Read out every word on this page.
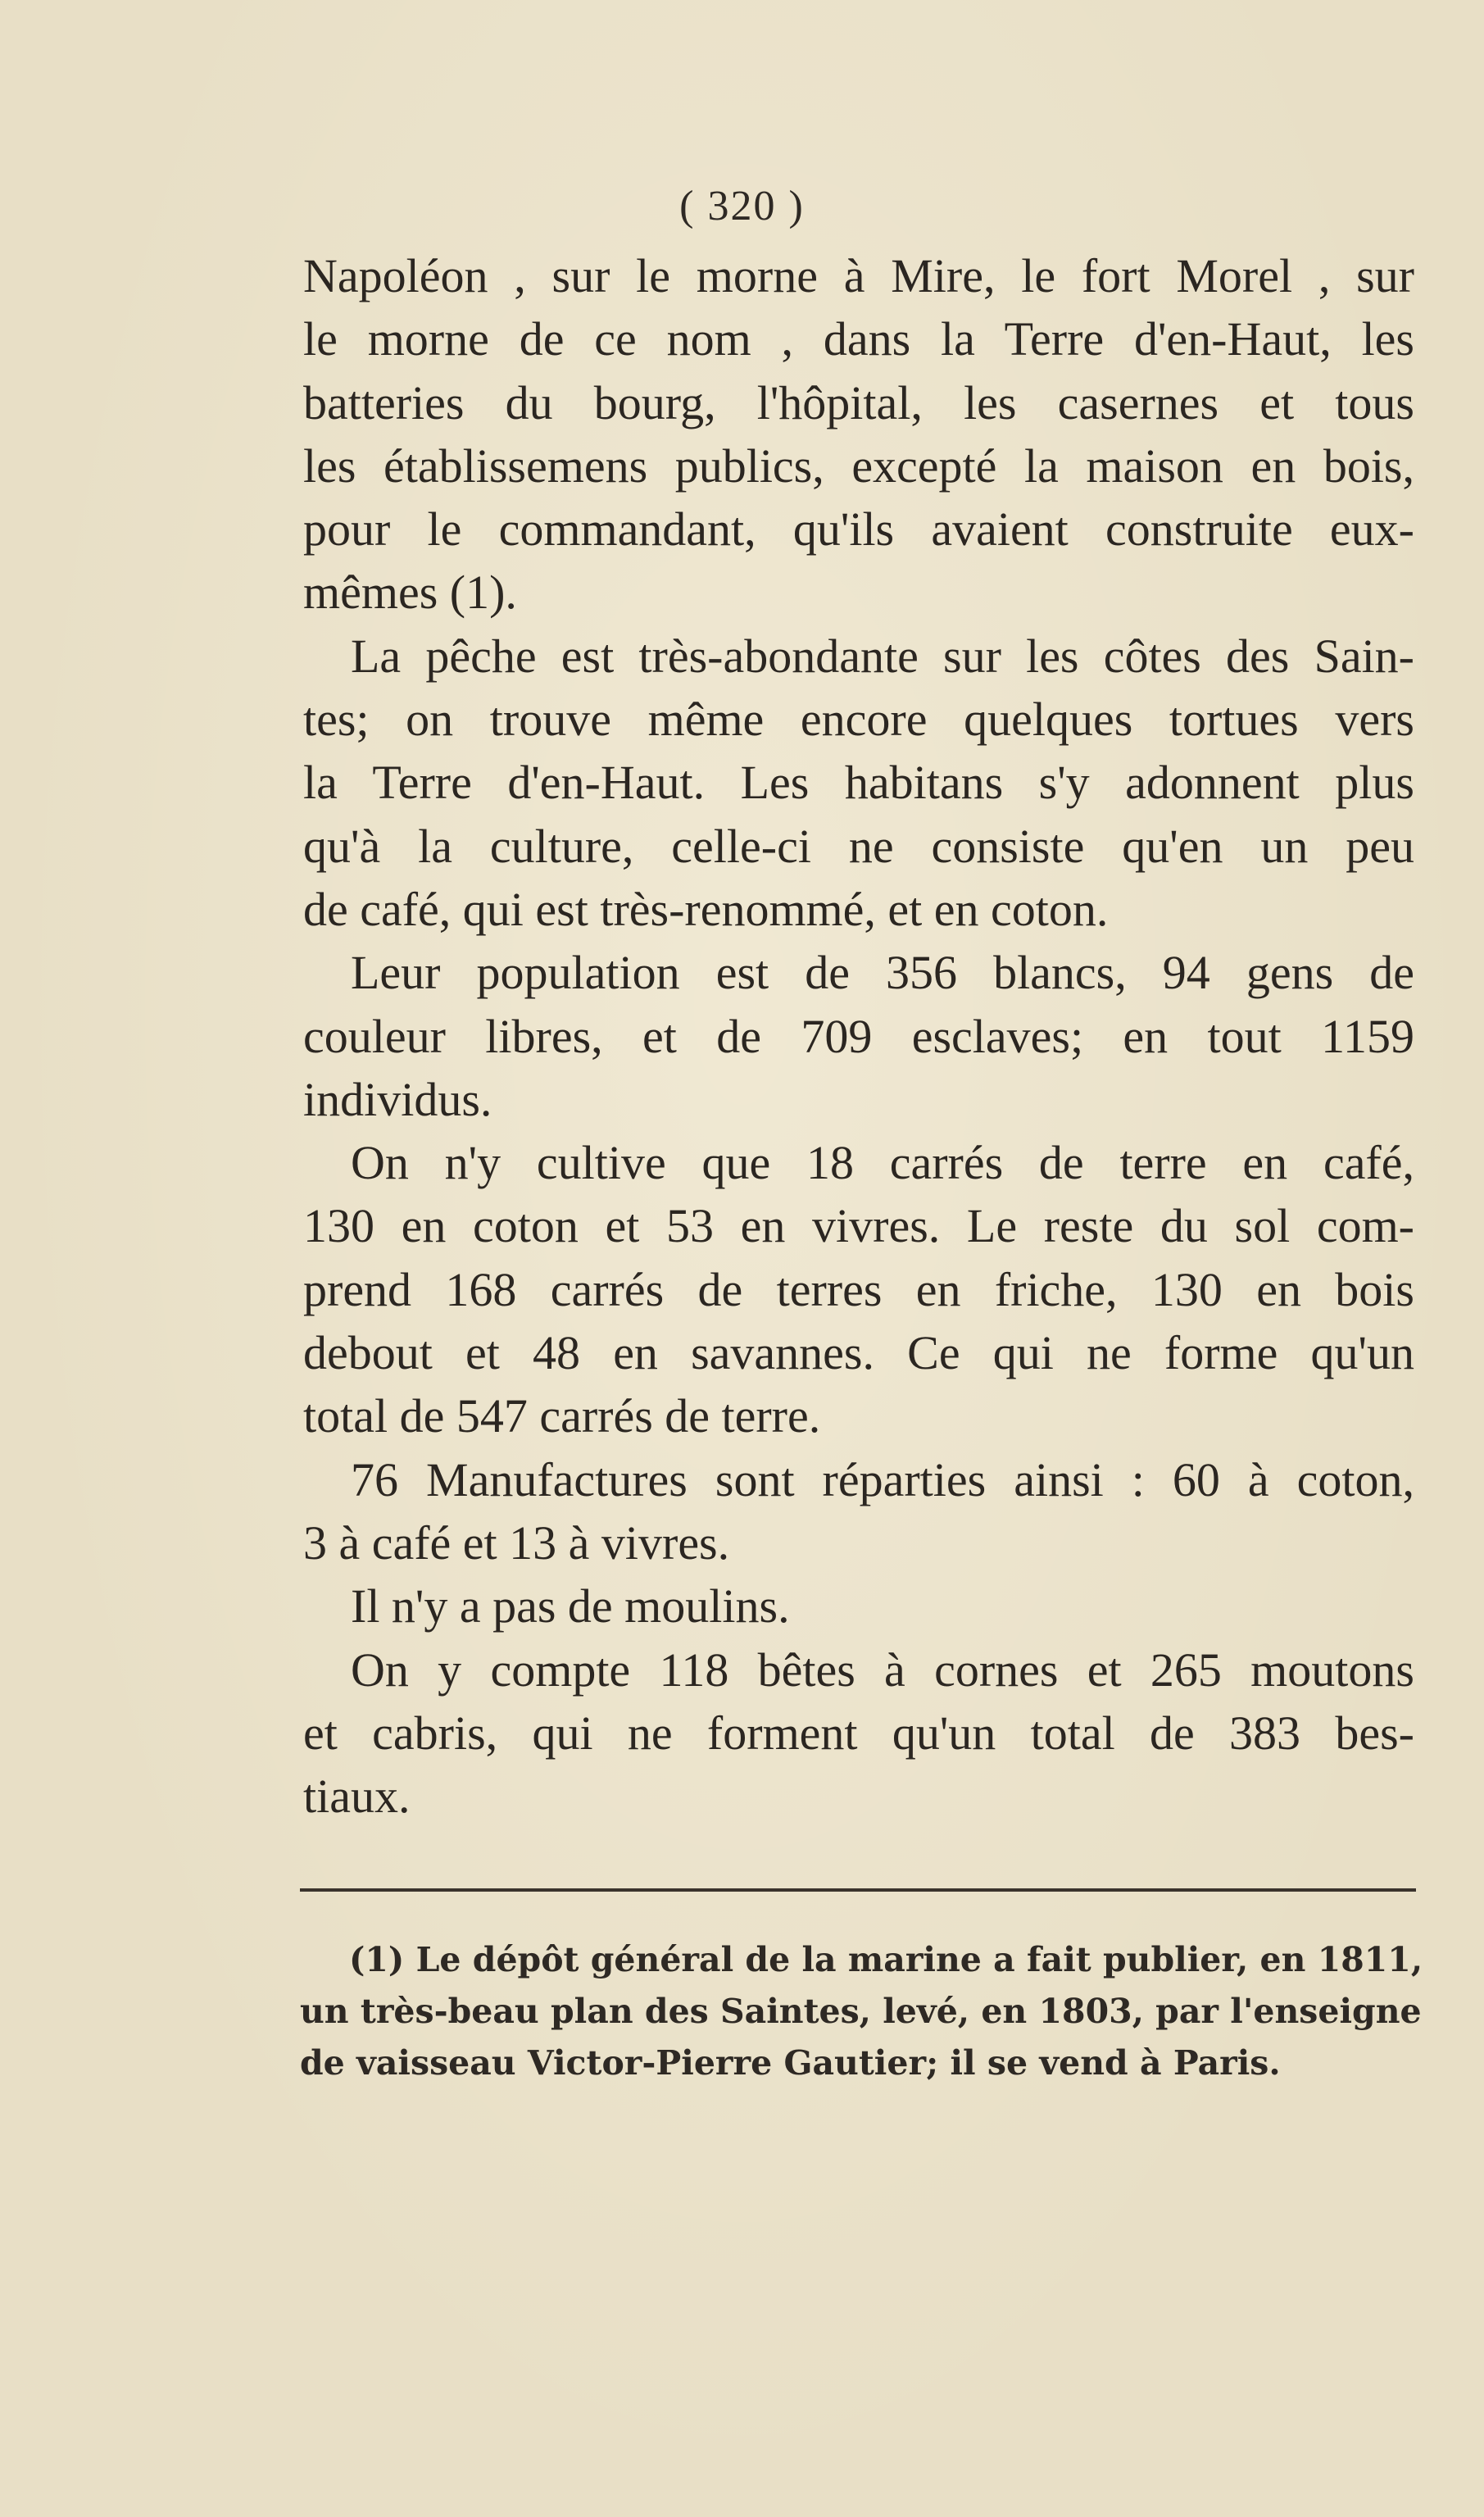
( 320 )
Napoléon , sur le morne à Mire, le fort Morel , sur
le morne de ce nom , dans la Terre d'en-Haut, les
batteries du bourg, l'hôpital, les casernes et tous
les établissemens publics, excepté la maison en bois,
pour le commandant, qu'ils avaient construite eux-
mêmes (1).
La pêche est très-abondante sur les côtes des Sain-
tes; on trouve même encore quelques tortues vers
la Terre d'en-Haut. Les habitans s'y adonnent plus
qu'à la culture, celle-ci ne consiste qu'en un peu
de café, qui est très-renommé, et en coton.
Leur population est de 356 blancs, 94 gens de
couleur libres, et de 709 esclaves; en tout 1159
individus.
On n'y cultive que 18 carrés de terre en café,
130 en coton et 53 en vivres. Le reste du sol com-
prend 168 carrés de terres en friche, 130 en bois
debout et 48 en savannes. Ce qui ne forme qu'un
total de 547 carrés de terre.
76 Manufactures sont réparties ainsi : 60 à coton,
3 à café et 13 à vivres.
Il n'y a pas de moulins.
On y compte 118 bêtes à cornes et 265 moutons
et cabris, qui ne forment qu'un total de 383 bes-
tiaux.
(1) Le dépôt général de la marine a fait publier, en 1811,
un très-beau plan des Saintes, levé, en 1803, par l'enseigne
de vaisseau Victor-Pierre Gautier; il se vend à Paris.
